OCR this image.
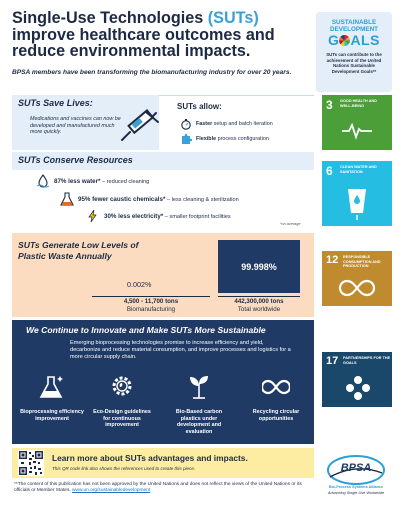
Single-Use Technologies (SUTs) improve healthcare outcomes and reduce environmental impacts.
BPSA members have been transforming the biomanufacturing industry for over 20 years.
SUSTAINABLE
DEVELOPMENT
G ALS
SUTs can contribute to the achievement of the United Nations Sustainable Development Goals**
SUTs Save Lives:
Medications and vaccines can now be developed and manufactured much more quickly.
SUTs allow:
Faster setup and batch iteration
Flexible process configuration
SUTs Conserve Resources
87% less water* – reduced cleaning
95% fewer caustic chemicals* – less cleaning & sterilization
30% less electricity* – smaller footprint facilities
*on average
SUTs Generate Low Levels of Plastic Waste Annually
0.002%
99.998%
4,500 - 11,700 tons
Biomanufacturing
442,300,000 tons
Total worldwide
We Continue to Innovate and Make SUTs More Sustainable
Emerging bioprocessing technologies promise to increase efficiency and yield, decarbonize and reduce material consumption, and improve processes and logistics for a more circular supply chain.
Bioprocessing efficiency improvement
Eco-Design guidelines for continuous improvement
Bio-Based carbon plastics under development and evaluation
Recycling circular opportunities
3 GOOD HEALTH AND WELL-BEING
6 CLEAN WATER AND SANITATION
12 RESPONSIBLE CONSUMPTION AND PRODUCTION
17 PARTNERSHIPS FOR THE GOALS
Learn more about SUTs advantages and impacts.
This QR code link also shows the references used to create this piece.	BPSA
Bio-Process Systems Alliance
Advancing Single-Use Worldwide
**The content of this publication has not been approved by the United Nations and does not reflect the views of the United Nations or its officials or Member States. www.un.org/sustainabledevelopment
